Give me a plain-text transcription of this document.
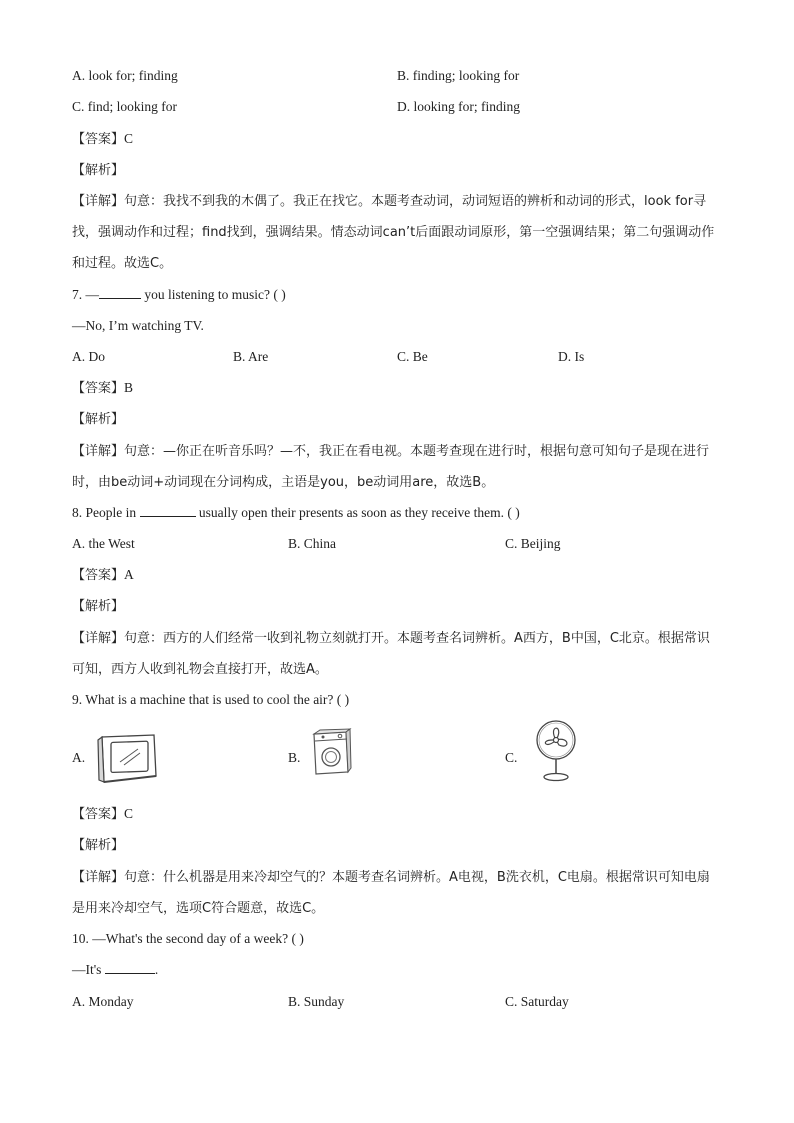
A. look for; finding	B. finding; looking for
C. find; looking for	D. looking for; finding
【答案】C
【解析】
【详解】句意：我找不到我的木偶了。我正在找它。本题考查动词，动词短语的辨析和动词的形式，look for寻找，强调动作和过程；find找到，强调结果。情态动词can’t后面跟动词原形，第一空强调结果；第二句强调动作和过程。故选C。
7. —	you listening to music? ( )
—No, I’m watching TV.
A. Do	B. Are	C. Be	D. Is
【答案】B
【解析】
【详解】句意：—你正在听音乐吗？—不，我正在看电视。本题考查现在进行时，根据句意可知句子是现在进行时，由be动词+动词现在分词构成，主语是you，be动词用are，故选B。
8. People in	usually open their presents as soon as they receive them. ( )
A. the West	B. China	C. Beijing
【答案】A
【解析】
【详解】句意：西方的人们经常一收到礼物立刻就打开。本题考查名词辨析。A西方，B中国，C北京。根据常识可知，西方人收到礼物会直接打开，故选A。
9. What is a machine that is used to cool the air? ( )
A.	B.	C.
【答案】C
【解析】
【详解】句意：什么机器是用来冷却空气的？本题考查名词辨析。A电视，B洗衣机，C电扇。根据常识可知电扇是用来冷却空气，选项C符合题意，故选C。
10. —What's the second day of a week? ( )
—It's	.
A. Monday	B. Sunday	C. Saturday
